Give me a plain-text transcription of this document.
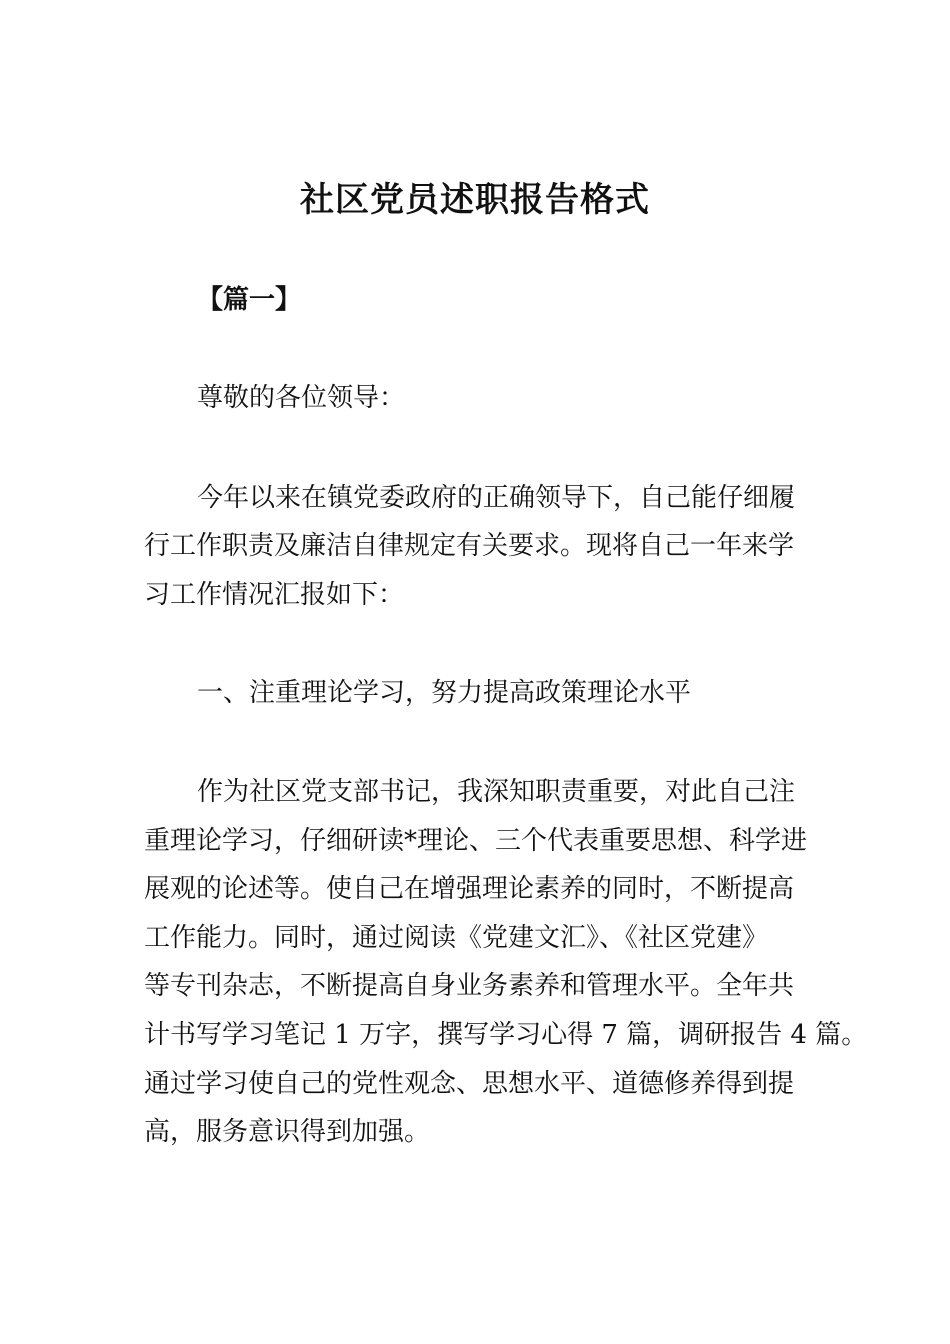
社区党员述职报告格式
【篇一】
尊敬的各位领导：
今年以来在镇党委政府的正确领导下，自己能仔细履
行工作职责及廉洁自律规定有关要求。现将自己一年来学
习工作情况汇报如下：
一、注重理论学习，努力提高政策理论水平
作为社区党支部书记，我深知职责重要，对此自己注
重理论学习，仔细研读*理论、三个代表重要思想、科学进
展观的论述等。使自己在增强理论素养的同时，不断提高
工作能力。同时，通过阅读《党建文汇》、《社区党建》
等专刊杂志，不断提高自身业务素养和管理水平。全年共
计书写学习笔记 1 万字，撰写学习心得 7 篇，调研报告 4 篇。
通过学习使自己的党性观念、思想水平、道德修养得到提
高，服务意识得到加强。
